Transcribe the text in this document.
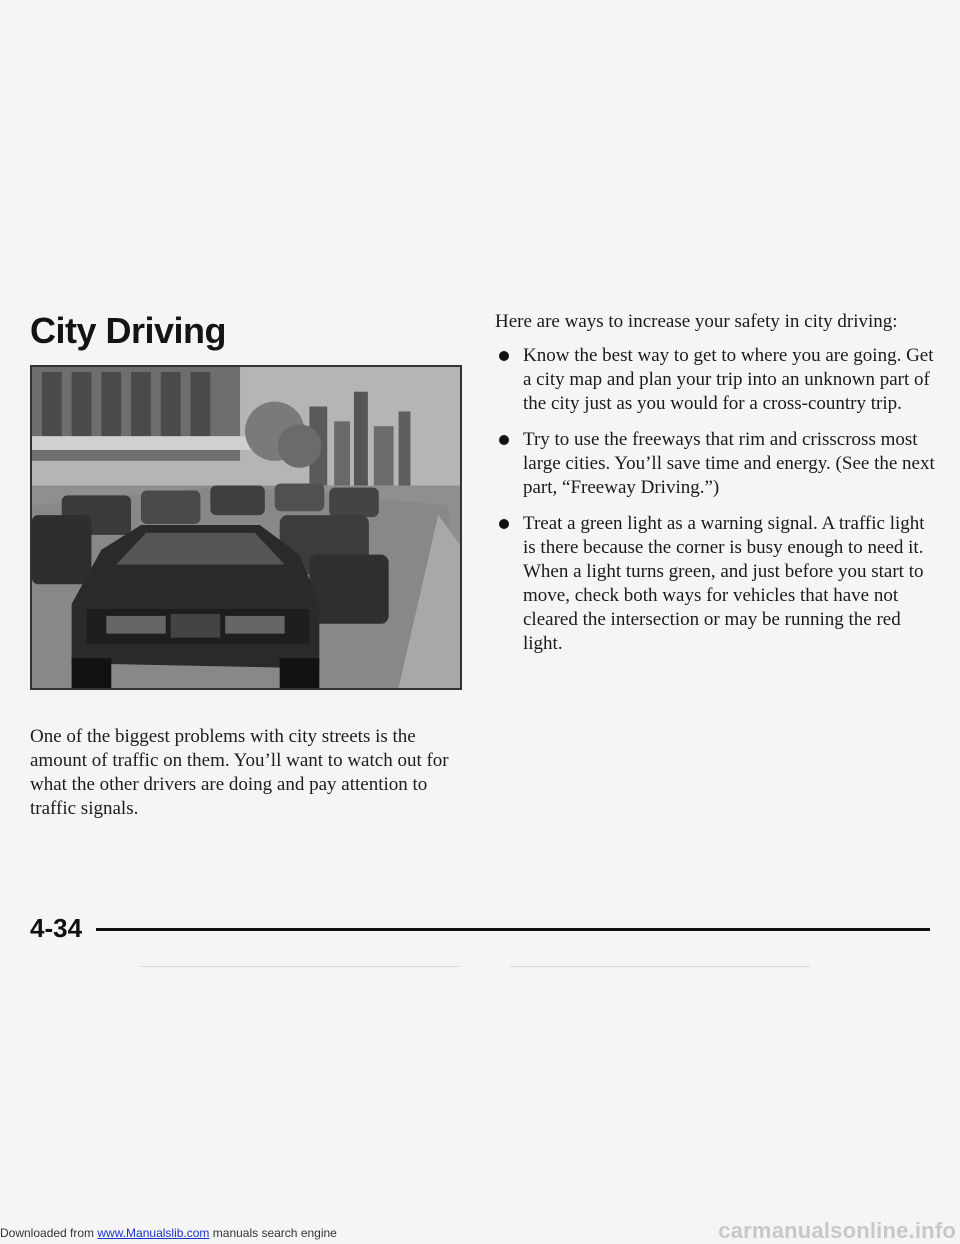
City Driving
One of the biggest problems with city streets is the amount of traffic on them. You’ll want to watch out for what the other drivers are doing and pay attention to traffic signals.
Here are ways to increase your safety in city driving:
Know the best way to get to where you are going. Get a city map and plan your trip into an unknown part of the city just as you would for a cross-country trip.
Try to use the freeways that rim and crisscross most large cities. You’ll save time and energy. (See the next part, “Freeway Driving.”)
Treat a green light as a warning signal. A traffic light is there because the corner is busy enough to need it. When a light turns green, and just before you start to move, check both ways for vehicles that have not cleared the intersection or may be running the red light.
4-34
Downloaded from www.Manualslib.com manuals search engine	carmanualsonline.info
